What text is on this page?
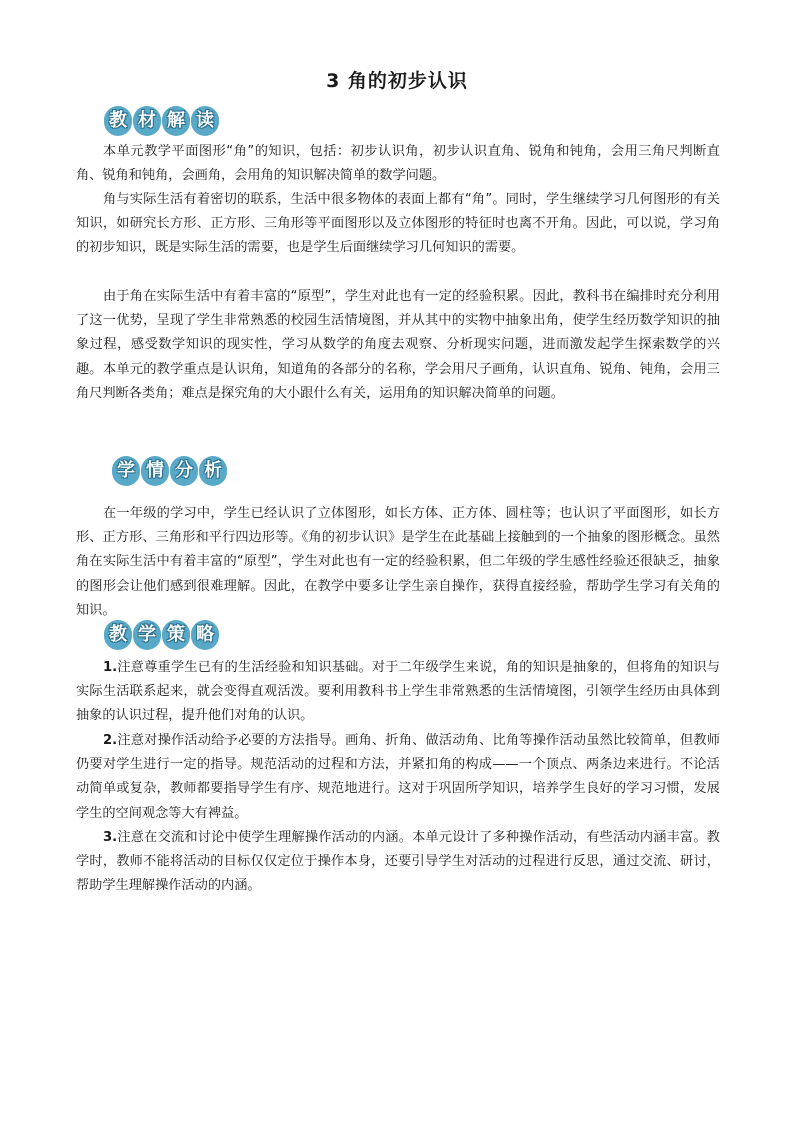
3 角的初步认识
教 材 解 读

本单元教学平面图形“角”的知识，包括：初步认识角，初步认识直角、锐角和钝角，会用三角尺判断直角、锐角和钝角，会画角，会用角的知识解决简单的数学问题。

角与实际生活有着密切的联系，生活中很多物体的表面上都有“角”。同时，学生继续学习几何图形的有关知识，如研究长方形、正方形、三角形等平面图形以及立体图形的特征时也离不开角。因此，可以说，学习角的初步知识，既是实际生活的需要，也是学生后面继续学习几何知识的需要。

由于角在实际生活中有着丰富的“原型”，学生对此也有一定的经验积累。因此，教科书在编排时充分利用了这一优势，呈现了学生非常熟悉的校园生活情境图，并从其中的实物中抽象出角，使学生经历数学知识的抽象过程，感受数学知识的现实性，学习从数学的角度去观察、分析现实问题，进而激发起学生探索数学的兴趣。 本单元的教学重点是认识角，知道角的各部分的名称，学会用尺子画角，认识直角、锐角、钝角，会用三角尺判断各类角；难点是探究角的大小跟什么有关，运用角的知识解决简单的问题。

学 情 分 析

在一年级的学习中，学生已经认识了立体图形，如长方体、正方体、圆柱等；也认识了平面图形，如长方形、正方形、三角形和平行四边形等。《角的初步认识》是学生在此基础上接触到的一个抽象的图形概念。虽然角在实际生活中有着丰富的“原型”，学生对此也有一定的经验积累，但二年级的学生感性经验还很缺乏，抽象的图形会让他们感到很难理解。因此，在教学中要多让学生亲自操作，获得直接经验，帮助学生学习有关角的知识。

教 学 策 略

1.注意尊重学生已有的生活经验和知识基础。对于二年级学生来说，角的知识是抽象的，但将角的知识与实际生活联系起来，就会变得直观活泼。要利用教科书上学生非常熟悉的生活情境图，引领学生经历由具体到抽象的认识过程，提升他们对角的认识。

2.注意对操作活动给予必要的方法指导。画角、折角、做活动角、比角等操作活动虽然比较简单，但教师仍要对学生进行一定的指导。规范活动的过程和方法，并紧扣角的构成——一个顶点、两条边来进行。不论活动简单或复杂，教师都要指导学生有序、规范地进行。这对于巩固所学知识，培养学生良好的学习习惯，发展学生的空间观念等大有裨益。

3.注意在交流和讨论中使学生理解操作活动的内涵。本单元设计了多种操作活动，有些活动内涵丰富。教学时，教师不能将活动的目标仅仅定位于操作本身，还要引导学生对活动的过程进行反思，通过交流、研讨，帮助学生理解操作活动的内涵。
